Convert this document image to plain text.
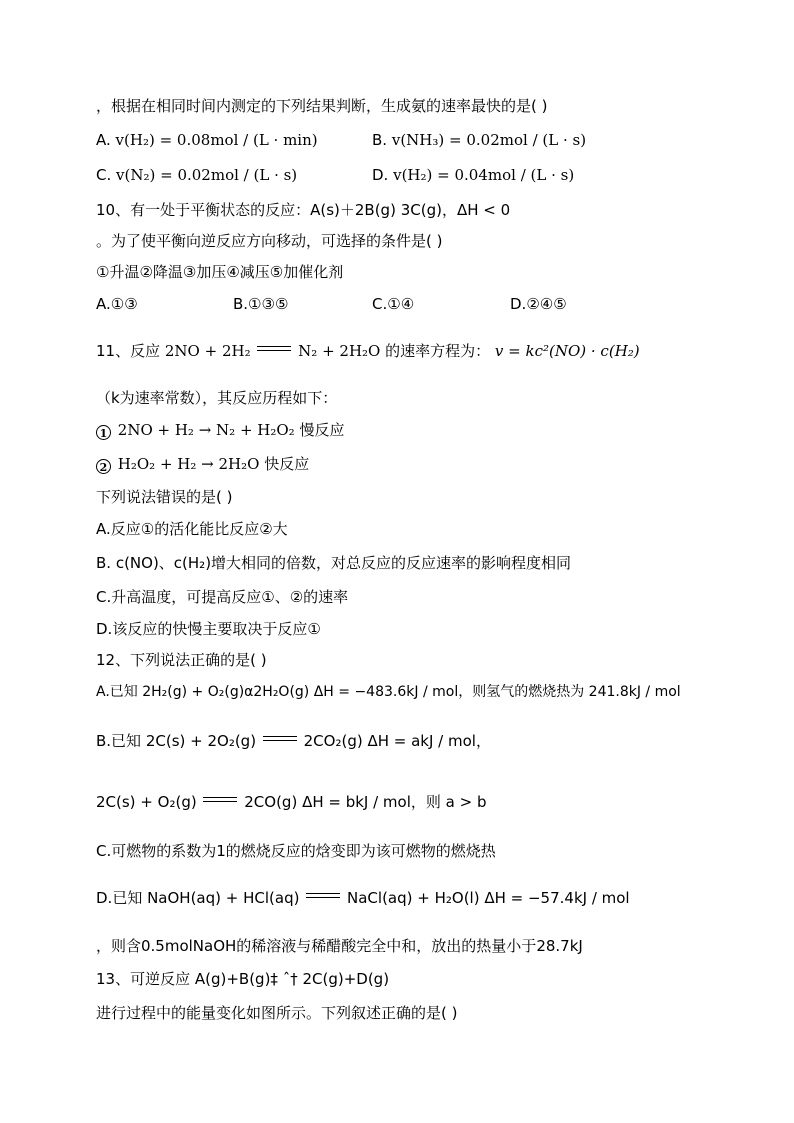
，根据在相同时间内测定的下列结果判断，生成氨的速率最快的是( )
A. v(H₂) = 0.08mol / (L · min)	B. v(NH₃) = 0.02mol / (L · s)
C. v(N₂) = 0.02mol / (L · s)	D. v(H₂) = 0.04mol / (L · s)
10、有一处于平衡状态的反应：A(s)＋2B(g) 3C(g)，ΔH < 0
。为了使平衡向逆反应方向移动，可选择的条件是( )
①升温②降温③加压④减压⑤加催化剂
A.①③	B.①③⑤	C.①④	D.②④⑤
11、反应 2NO + 2H₂	N₂ + 2H₂O 的速率方程为： v = kc²(NO) · c(H₂)
（k为速率常数），其反应历程如下：
1 2NO + H₂ → N₂ + H₂O₂ 慢反应
2 H₂O₂ + H₂ → 2H₂O 快反应
下列说法错误的是( )
A.反应①的活化能比反应②大
B. c(NO)、c(H₂)增大相同的倍数，对总反应的反应速率的影响程度相同
C.升高温度，可提高反应①、②的速率
D.该反应的快慢主要取决于反应①
12、下列说法正确的是( )
A.已知 2H₂(g) + O₂(g)α2H₂O(g) ΔH = −483.6kJ / mol，则氢气的燃烧热为 241.8kJ / mol
B.已知 2C(s) + 2O₂(g)	2CO₂(g) ΔH = akJ / mol，
2C(s) + O₂(g)	2CO(g) ΔH = bkJ / mol，则 a > b
C.可燃物的系数为1的燃烧反应的焓变即为该可燃物的燃烧热
D.已知 NaOH(aq) + HCl(aq)	NaCl(aq) + H₂O(l) ΔH = −57.4kJ / mol
，则含0.5molNaOH的稀溶液与稀醋酸完全中和，放出的热量小于28.7kJ
13、可逆反应 A(g)+B(g)‡ ˆ† 2C(g)+D(g)
进行过程中的能量变化如图所示。下列叙述正确的是( )
